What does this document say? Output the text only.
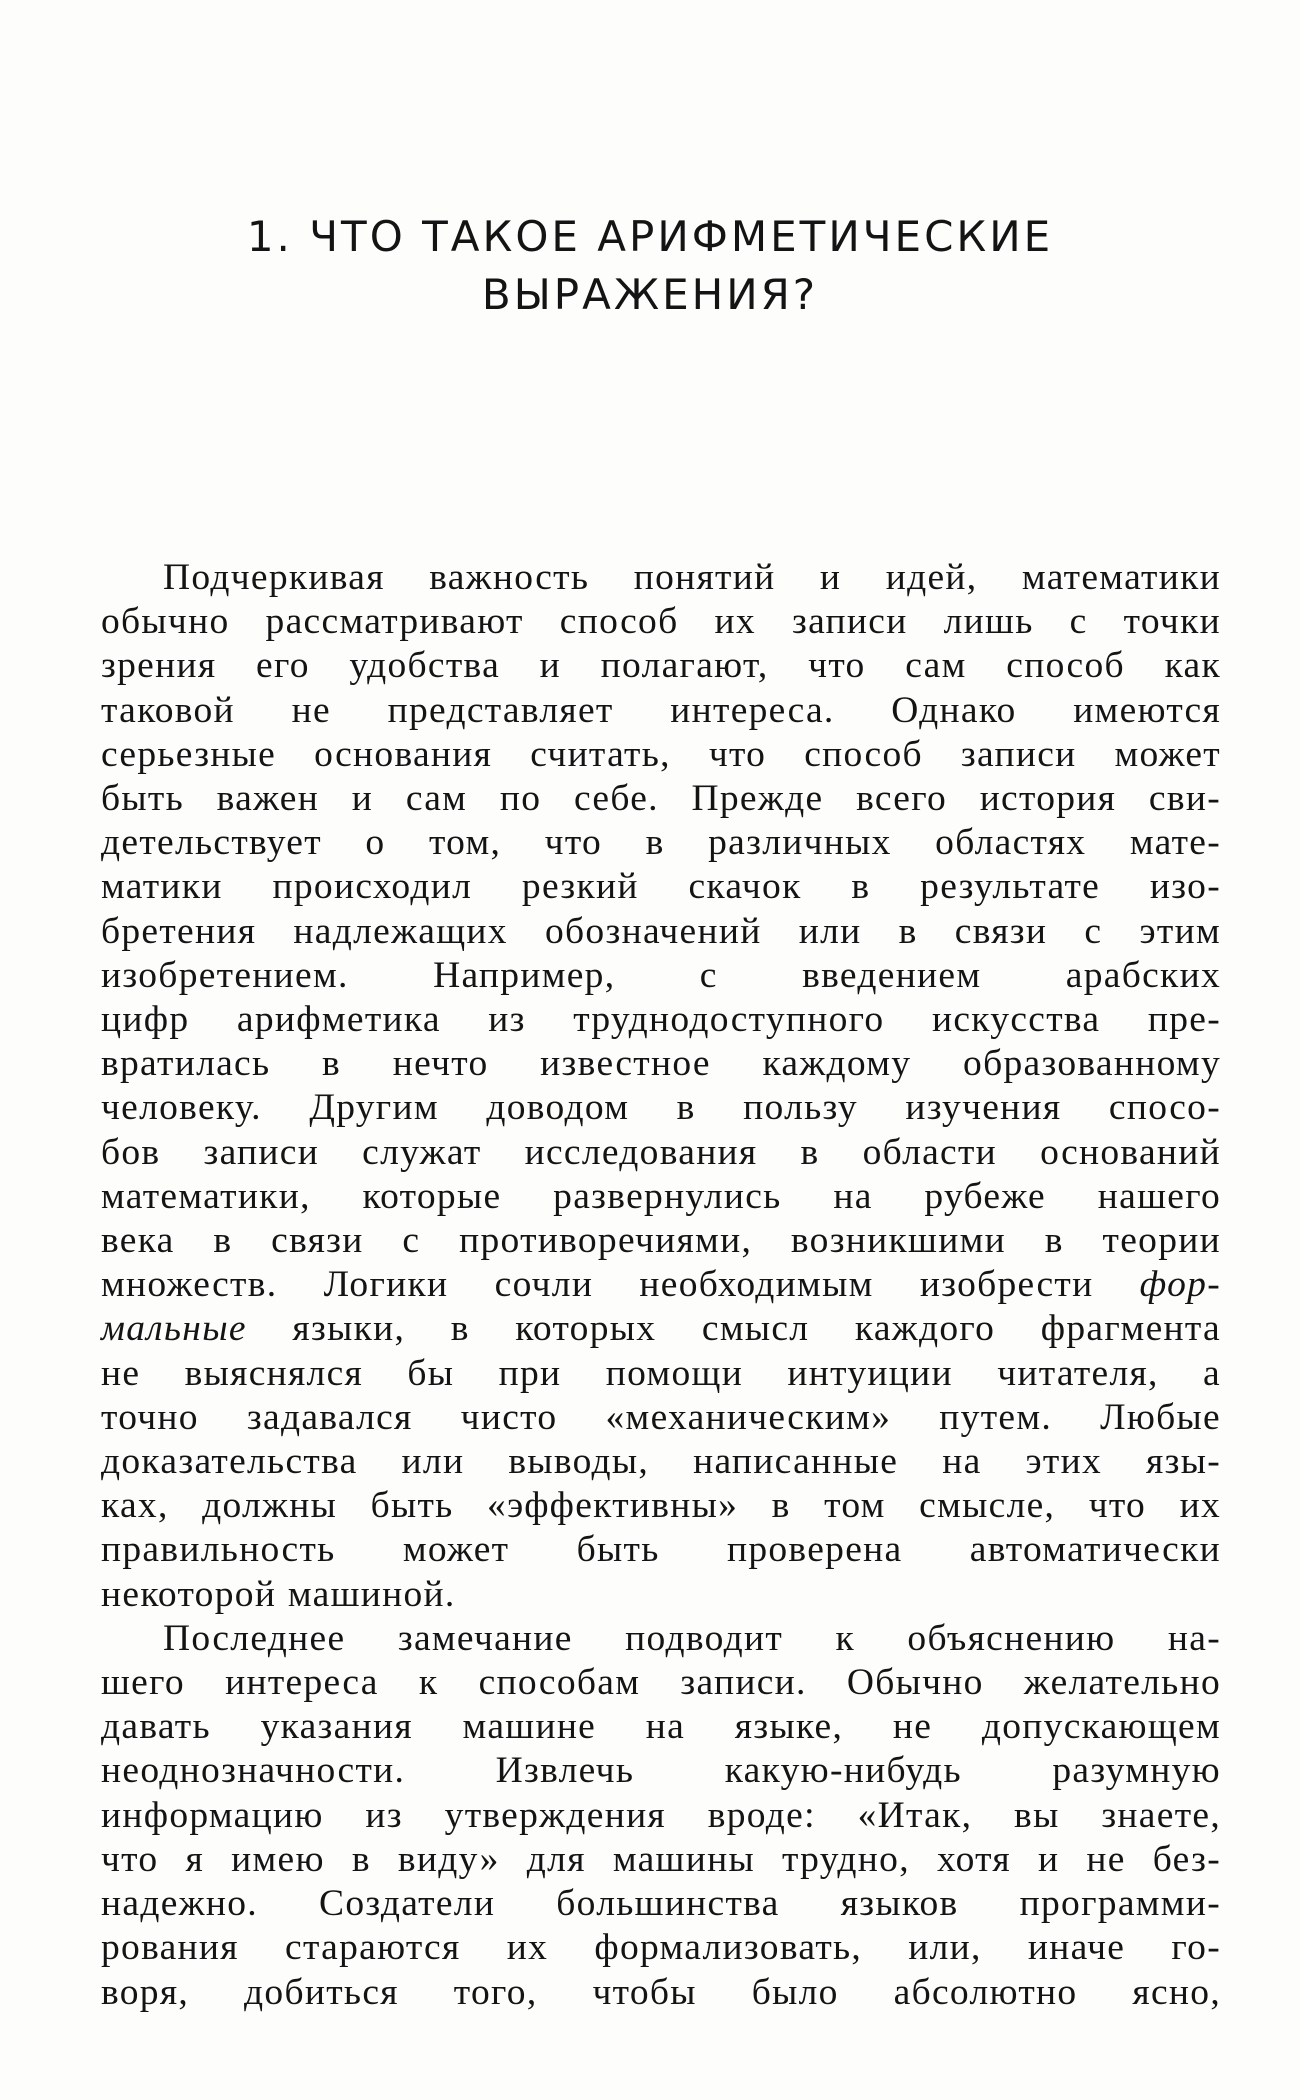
1. ЧТО ТАКОЕ АРИФМЕТИЧЕСКИЕ
ВЫРАЖЕНИЯ?

Подчеркивая важность понятий и идей, математики
обычно рассматривают способ их записи лишь с точки
зрения его удобства и полагают, что сам способ как
таковой не представляет интереса. Однако имеются
серьезные основания считать, что способ записи может
быть важен и сам по себе. Прежде всего история сви-
детельствует о том, что в различных областях мате-
матики происходил резкий скачок в результате изо-
бретения надлежащих обозначений или в связи с этим
изобретением. Например, с введением арабских
цифр арифметика из труднодоступного искусства пре-
вратилась в нечто известное каждому образованному
человеку. Другим доводом в пользу изучения спосо-
бов записи служат исследования в области оснований
математики, которые развернулись на рубеже нашего
века в связи с противоречиями, возникшими в теории
множеств. Логики сочли необходимым изобрести фор-
мальные языки, в которых смысл каждого фрагмента
не выяснялся бы при помощи интуиции читателя, а
точно задавался чисто «механическим» путем. Любые
доказательства или выводы, написанные на этих язы-
ках, должны быть «эффективны» в том смысле, что их
правильность может быть проверена автоматически
некоторой машиной.

Последнее замечание подводит к объяснению на-
шего интереса к способам записи. Обычно желательно
давать указания машине на языке, не допускающем
неоднозначности. Извлечь какую-нибудь разумную
информацию из утверждения вроде: «Итак, вы знаете,
что я имею в виду» для машины трудно, хотя и не без-
надежно. Создатели большинства языков программи-
рования стараются их формализовать, или, иначе го-
воря, добиться того, чтобы было абсолютно ясно,
